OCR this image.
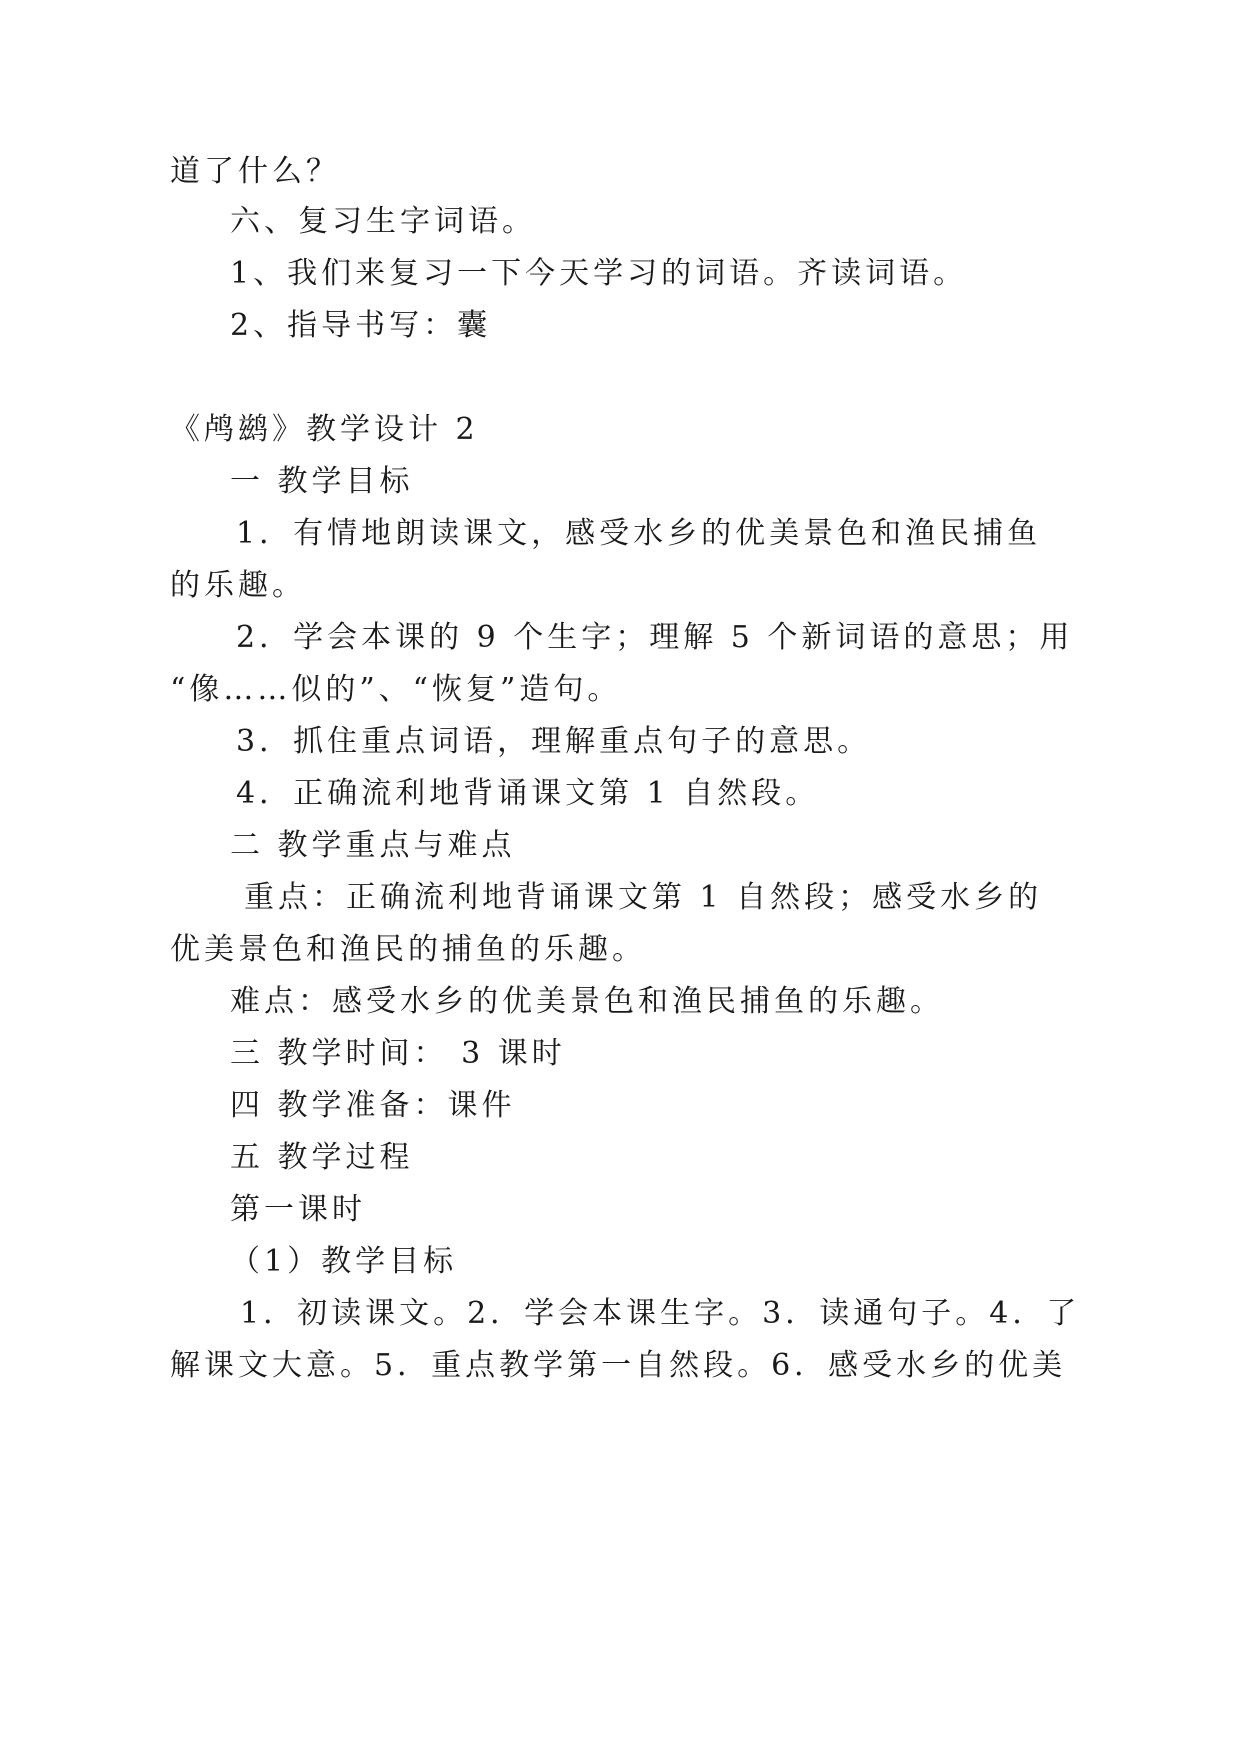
道了什么？

六、复习生字词语。

1、我们来复习一下今天学习的词语。齐读词语。

2、指导书写：囊

《鸬鹚》教学设计 2

一 教学目标

1．有情地朗读课文，感受水乡的优美景色和渔民捕鱼

的乐趣。

2．学会本课的 9 个生字；理解 5 个新词语的意思；用

“像……似的”、“恢复”造句。

3．抓住重点词语，理解重点句子的意思。

4．正确流利地背诵课文第 1 自然段。

二 教学重点与难点

重点：正确流利地背诵课文第 1 自然段；感受水乡的

优美景色和渔民的捕鱼的乐趣。

难点：感受水乡的优美景色和渔民捕鱼的乐趣。

三 教学时间： 3 课时

四 教学准备：课件

五 教学过程

第一课时

（1）教学目标

1．初读课文。2．学会本课生字。3．读通句子。4．了

解课文大意。5．重点教学第一自然段。6．感受水乡的优美
